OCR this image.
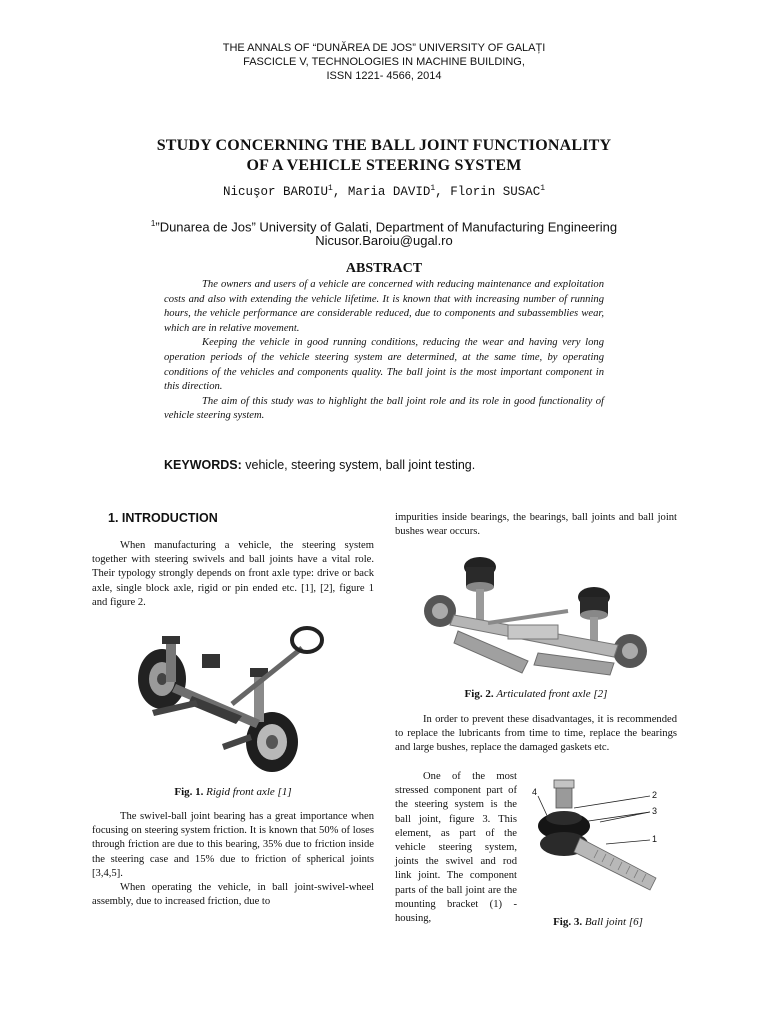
THE ANNALS OF “DUNĂREA DE JOS” UNIVERSITY OF GALAȚI
FASCICLE V, TECHNOLOGIES IN MACHINE BUILDING,
ISSN 1221- 4566, 2014
STUDY CONCERNING THE BALL JOINT FUNCTIONALITY
OF A VEHICLE STEERING SYSTEM
Nicuşor BAROIU$^1$, Maria DAVID$^1$, Florin SUSAC$^1$
$^1$”Dunarea de Jos” University of Galati, Department of Manufacturing Engineering
Nicusor.Baroiu@ugal.ro
ABSTRACT

The owners and users of a vehicle are concerned with reducing maintenance and exploitation costs and also with extending the vehicle lifetime. It is known that with increasing number of running hours, the vehicle performance are considerable reduced, due to components and subassemblies wear, which are in relative movement.

Keeping the vehicle in good running conditions, reducing the wear and having very long operation periods of the vehicle steering system are determined, at the same time, by operating conditions of the vehicles and components quality. The ball joint is the most important component in this direction.

The aim of this study was to highlight the ball joint role and its role in good functionality of vehicle steering system.

KEYWORDS: vehicle, steering system, ball joint testing.
1. INTRODUCTION

When manufacturing a vehicle, the steering system together with steering swivels and ball joints have a vital role. Their typology strongly depends on front axle type: drive or back axle, single block axle, rigid or pin ended etc. [1], [2], figure 1 and figure 2.

Fig. 1. Rigid front axle [1]

The swivel-ball joint bearing has a great importance when focusing on steering system friction. It is known that 50% of loses through friction are due to this bearing, 35% due to friction inside the steering case and 15% due to friction of spherical joints [3,4,5].

When operating the vehicle, in ball joint-swivel-wheel assembly, due to increased friction, due to

impurities inside bearings, the bearings, ball joints and ball joint bushes wear occurs.

Fig. 2. Articulated front axle [2]

In order to prevent these disadvantages, it is recommended to replace the lubricants from time to time, replace the bearings and large bushes, replace the damaged gaskets etc.

One of the most stressed component part of the steering system is the ball joint, figure 3. This element, as part of the vehicle steering system, joints the swivel and rod link joint. The component parts of the ball joint are the mounting bracket (1) - housing,

4	2
3
1
Fig. 3. Ball joint [6]
